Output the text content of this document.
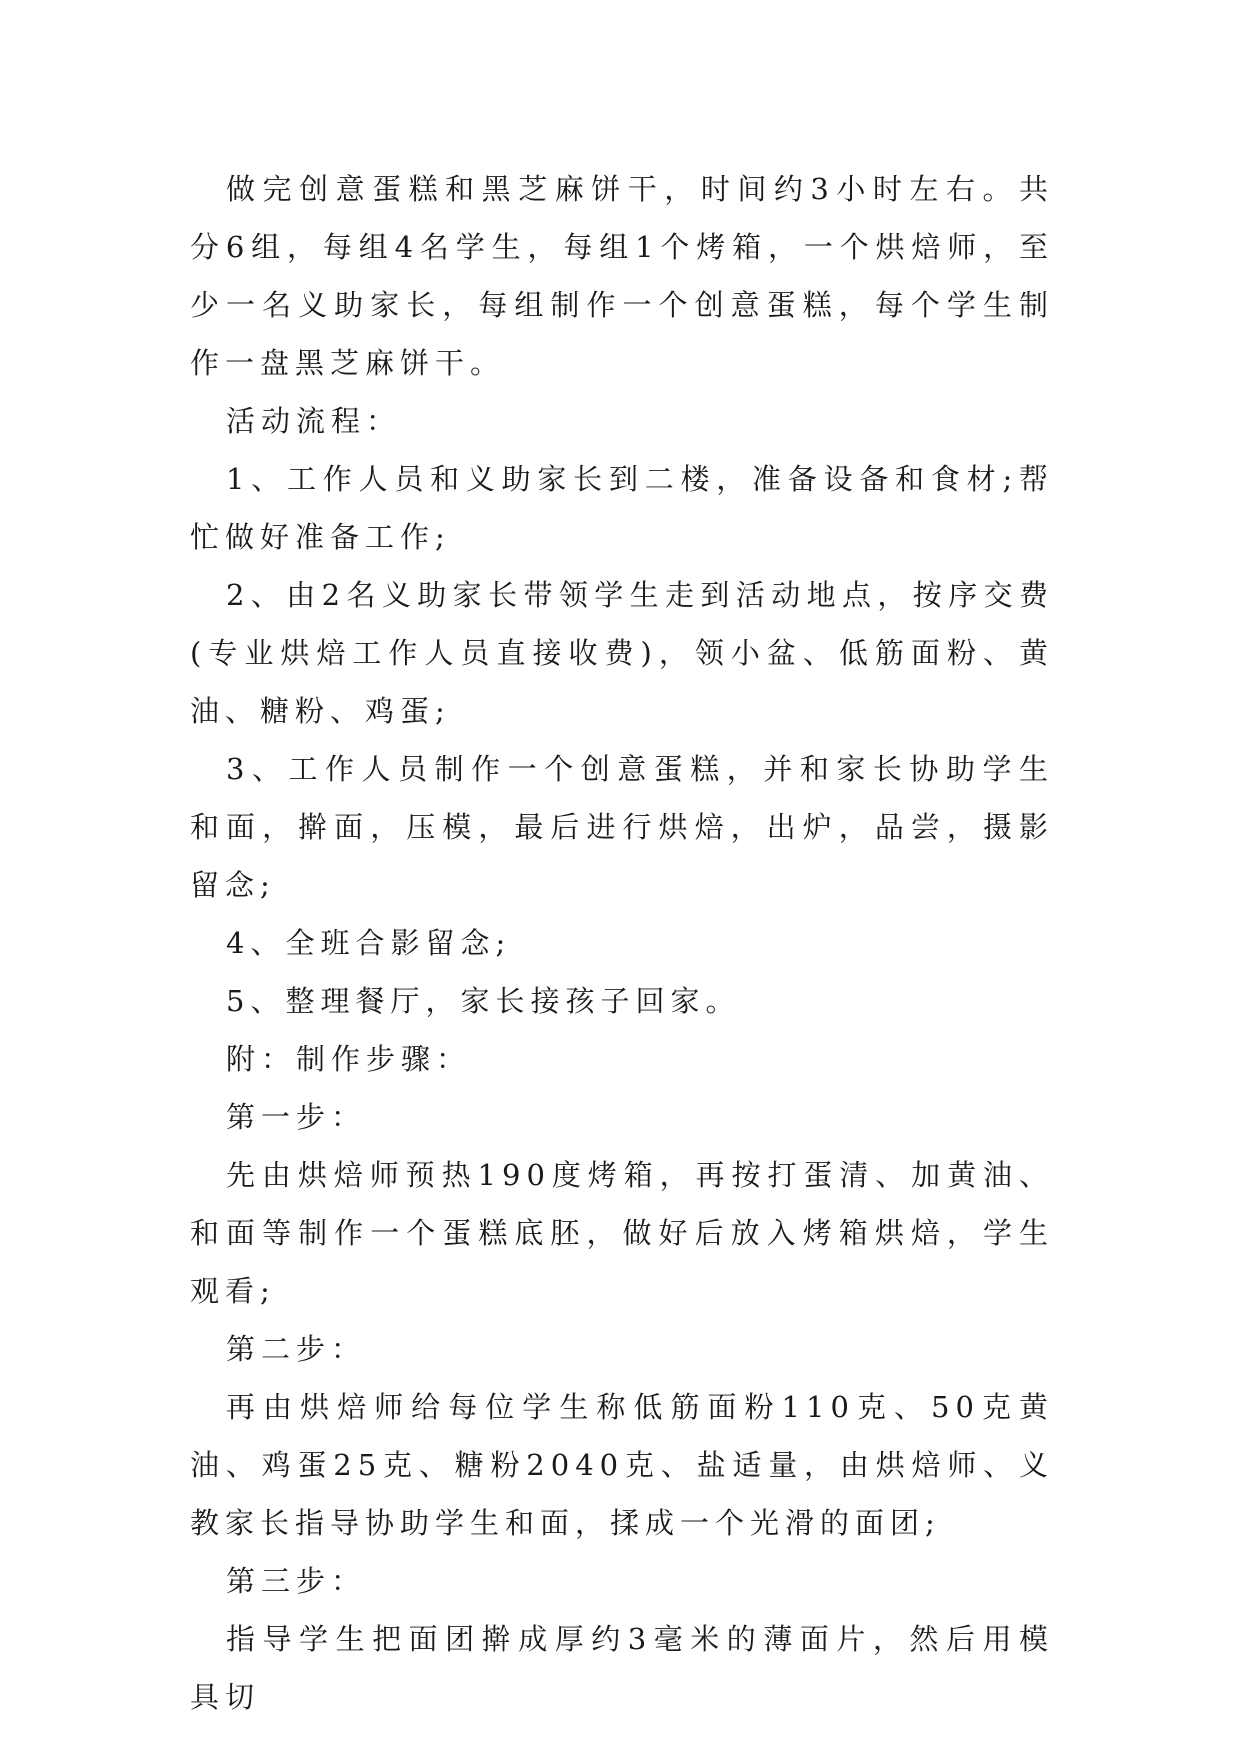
做完创意蛋糕和黑芝麻饼干，时间约3小时左右。共分6组，每组4名学生，每组1个烤箱，一个烘焙师，至少一名义助家长，每组制作一个创意蛋糕，每个学生制作一盘黑芝麻饼干。

活动流程：

1、工作人员和义助家长到二楼，准备设备和食材;帮忙做好准备工作;

2、由2名义助家长带领学生走到活动地点，按序交费(专业烘焙工作人员直接收费)，领小盆、低筋面粉、黄油、糖粉、鸡蛋;

3、工作人员制作一个创意蛋糕，并和家长协助学生和面，擀面，压模，最后进行烘焙，出炉，品尝，摄影留念;

4、全班合影留念;

5、整理餐厅，家长接孩子回家。

附：制作步骤：

第一步：

先由烘焙师预热190度烤箱，再按打蛋清、加黄油、和面等制作一个蛋糕底胚，做好后放入烤箱烘焙，学生观看;

第二步：

再由烘焙师给每位学生称低筋面粉110克、50克黄油、鸡蛋25克、糖粉2040克、盐适量，由烘焙师、义教家长指导协助学生和面，揉成一个光滑的面团;

第三步：

指导学生把面团擀成厚约3毫米的薄面片，然后用模具切
